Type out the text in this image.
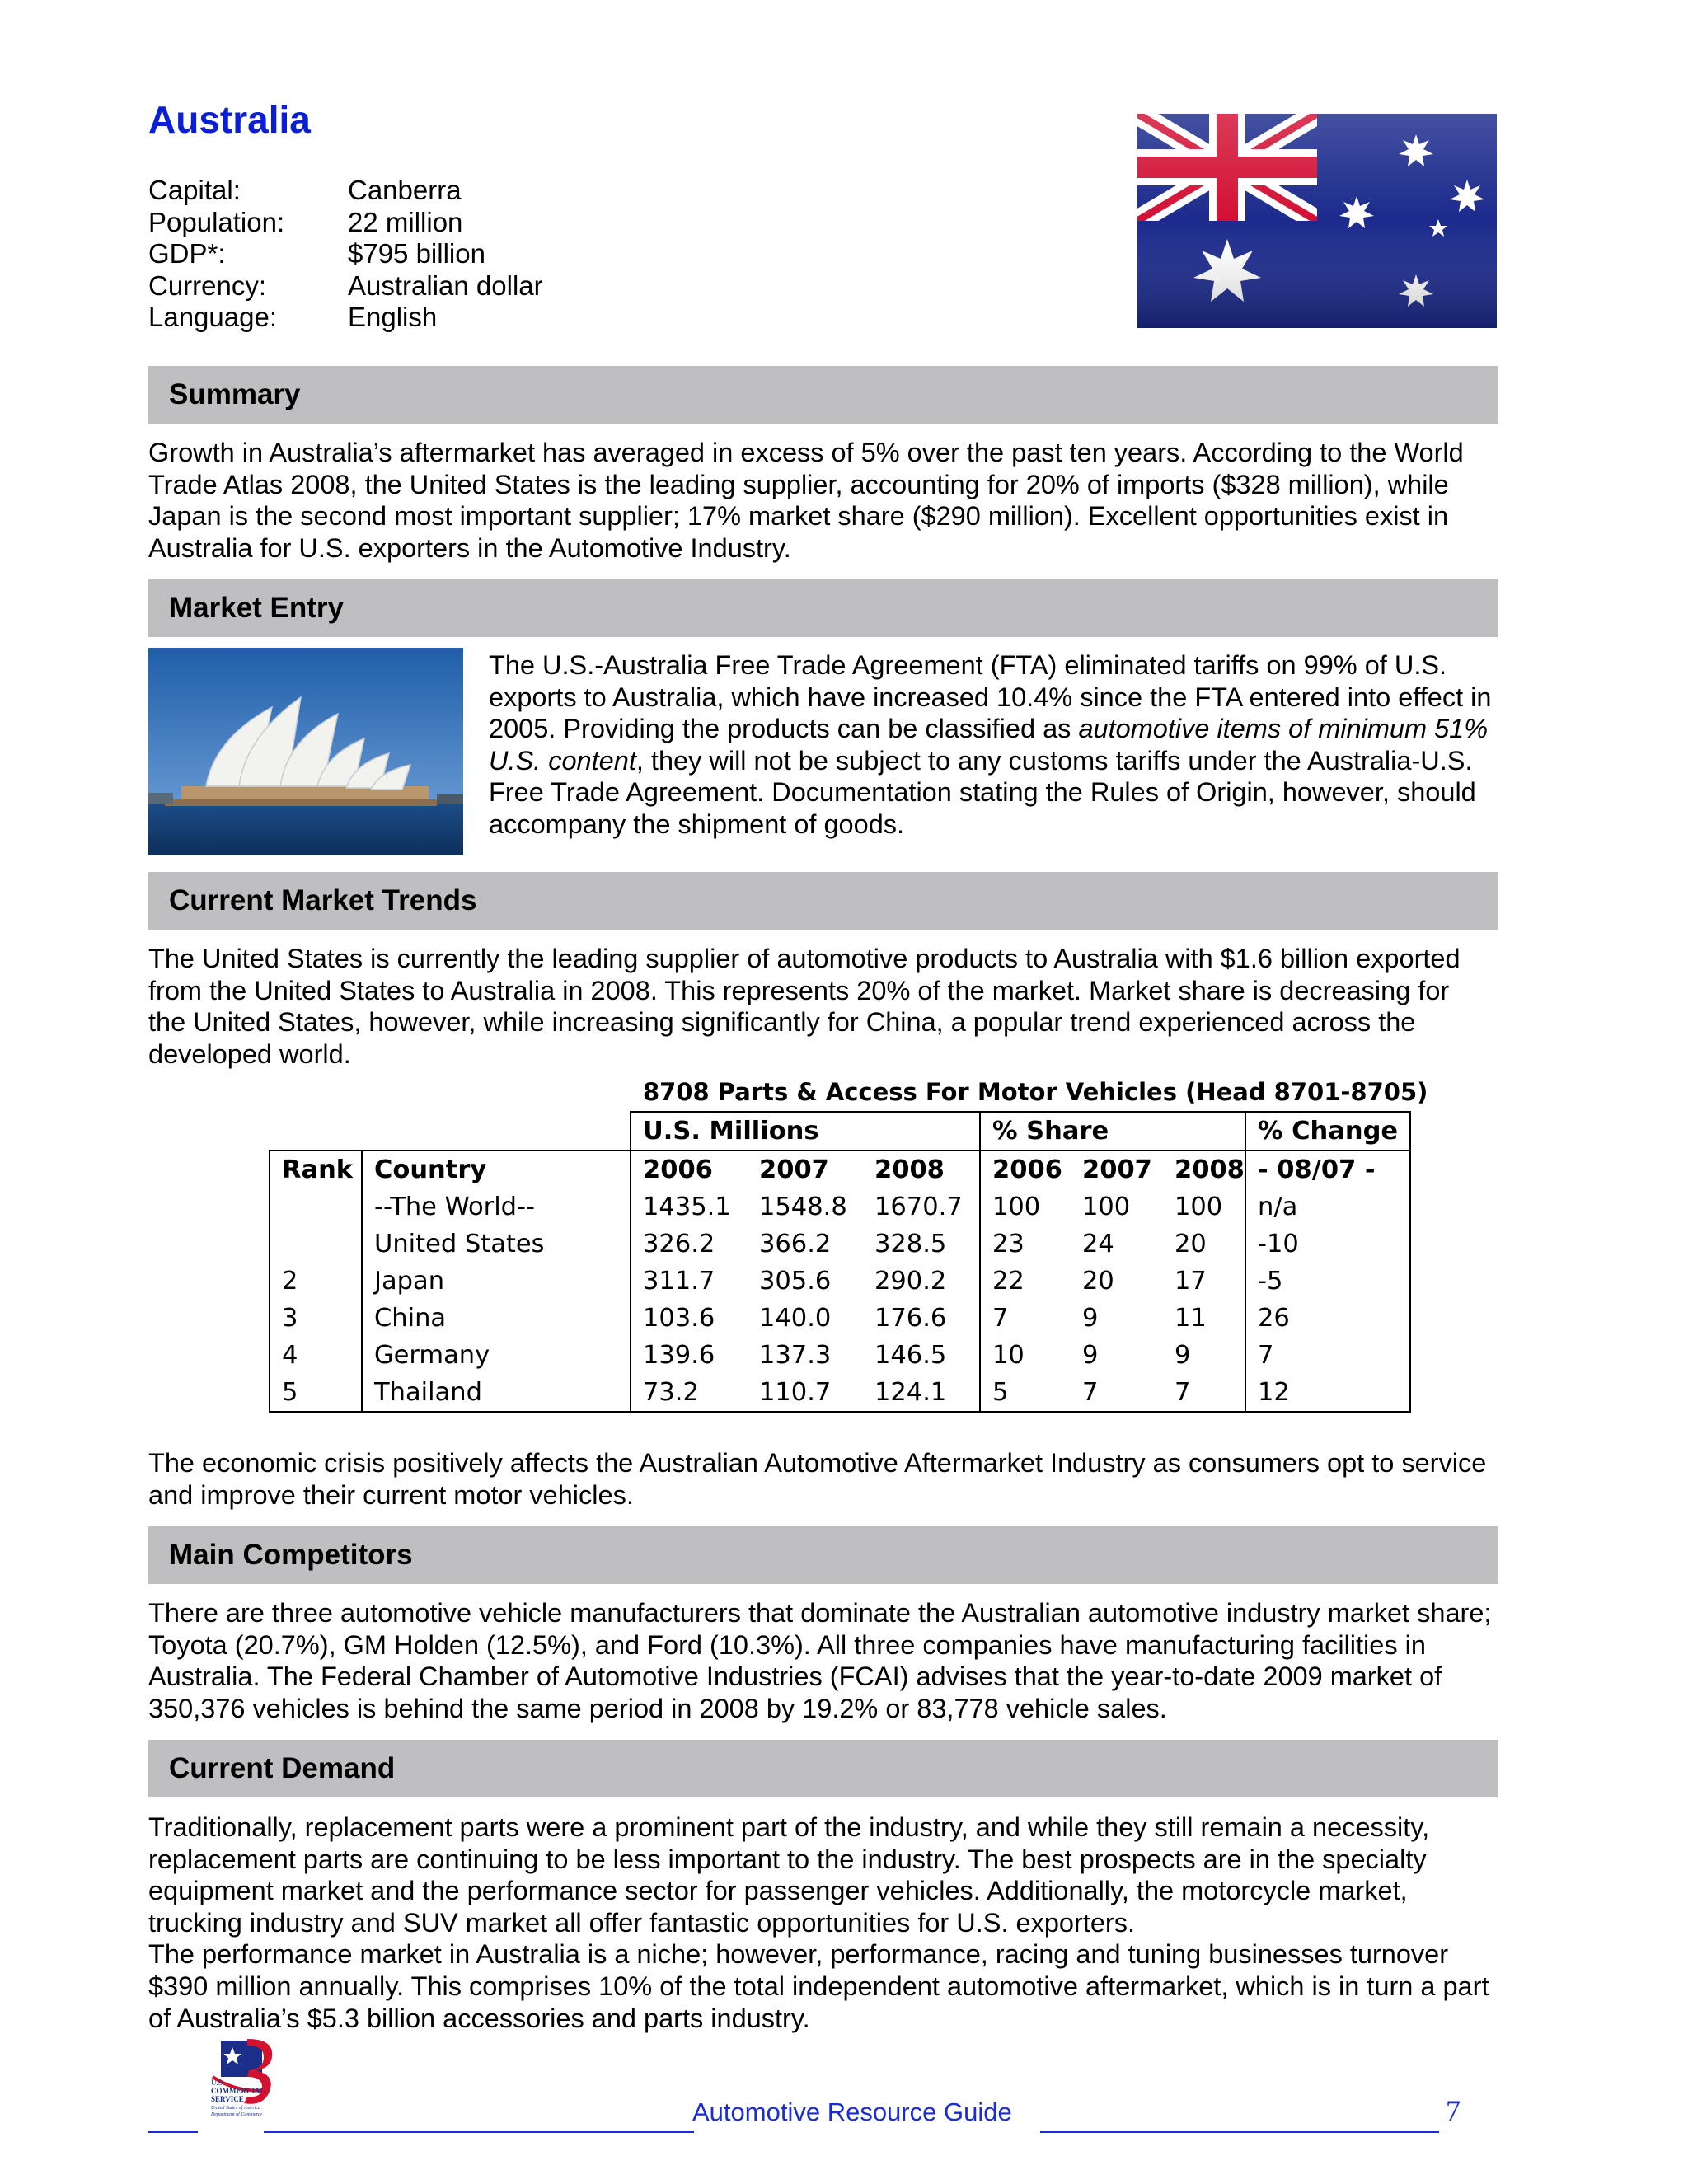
Australia
Capital:	Canberra
Population:	22 million
GDP*:	$795 billion
Currency:	Australian dollar
Language:	English
Summary
Growth in Australia’s aftermarket has averaged in excess of 5% over the past ten years. According to the World
Trade Atlas 2008, the United States is the leading supplier, accounting for 20% of imports ($328 million), while
Japan is the second most important supplier; 17% market share ($290 million). Excellent opportunities exist in
Australia for U.S. exporters in the Automotive Industry.
Market Entry
The U.S.-Australia Free Trade Agreement (FTA) eliminated tariffs on 99% of U.S.
exports to Australia, which have increased 10.4% since the FTA entered into effect in
2005. Providing the products can be classified as automotive items of minimum 51%
U.S. content, they will not be subject to any customs tariffs under the Australia-U.S.
Free Trade Agreement. Documentation stating the Rules of Origin, however, should
accompany the shipment of goods.
Current Market Trends
The United States is currently the leading supplier of automotive products to Australia with $1.6 billion exported
from the United States to Australia in 2008. This represents 20% of the market. Market share is decreasing for
the United States, however, while increasing significantly for China, a popular trend experienced across the
developed world.
8708 Parts & Access For Motor Vehicles (Head 8701-8705)
		U.S. Millions			% Share			% Change
Rank	Country	2006	2007	2008	2006	2007	2008	- 08/07 -
	--The World--	1435.1	1548.8	1670.7	100	100	100	n/a
	United States	326.2	366.2	328.5	23	24	20	-10
2	Japan	311.7	305.6	290.2	22	20	17	-5
3	China	103.6	140.0	176.6	7	9	11	26
4	Germany	139.6	137.3	146.5	10	9	9	7
5	Thailand	73.2	110.7	124.1	5	7	7	12
The economic crisis positively affects the Australian Automotive Aftermarket Industry as consumers opt to service
and improve their current motor vehicles.
Main Competitors
There are three automotive vehicle manufacturers that dominate the Australian automotive industry market share;
Toyota (20.7%), GM Holden (12.5%), and Ford (10.3%). All three companies have manufacturing facilities in
Australia. The Federal Chamber of Automotive Industries (FCAI) advises that the year-to-date 2009 market of
350,376 vehicles is behind the same period in 2008 by 19.2% or 83,778 vehicle sales.
Current Demand
Traditionally, replacement parts were a prominent part of the industry, and while they still remain a necessity,
replacement parts are continuing to be less important to the industry. The best prospects are in the specialty
equipment market and the performance sector for passenger vehicles. Additionally, the motorcycle market,
trucking industry and SUV market all offer fantastic opportunities for U.S. exporters.
The performance market in Australia is a niche; however, performance, racing and tuning businesses turnover
$390 million annually. This comprises 10% of the total independent automotive aftermarket, which is in turn a part
of Australia’s $5.3 billion accessories and parts industry.
U.S.
COMMERCIAL
SERVICE
United States of America
Department of Commerce	Automotive Resource Guide	7
